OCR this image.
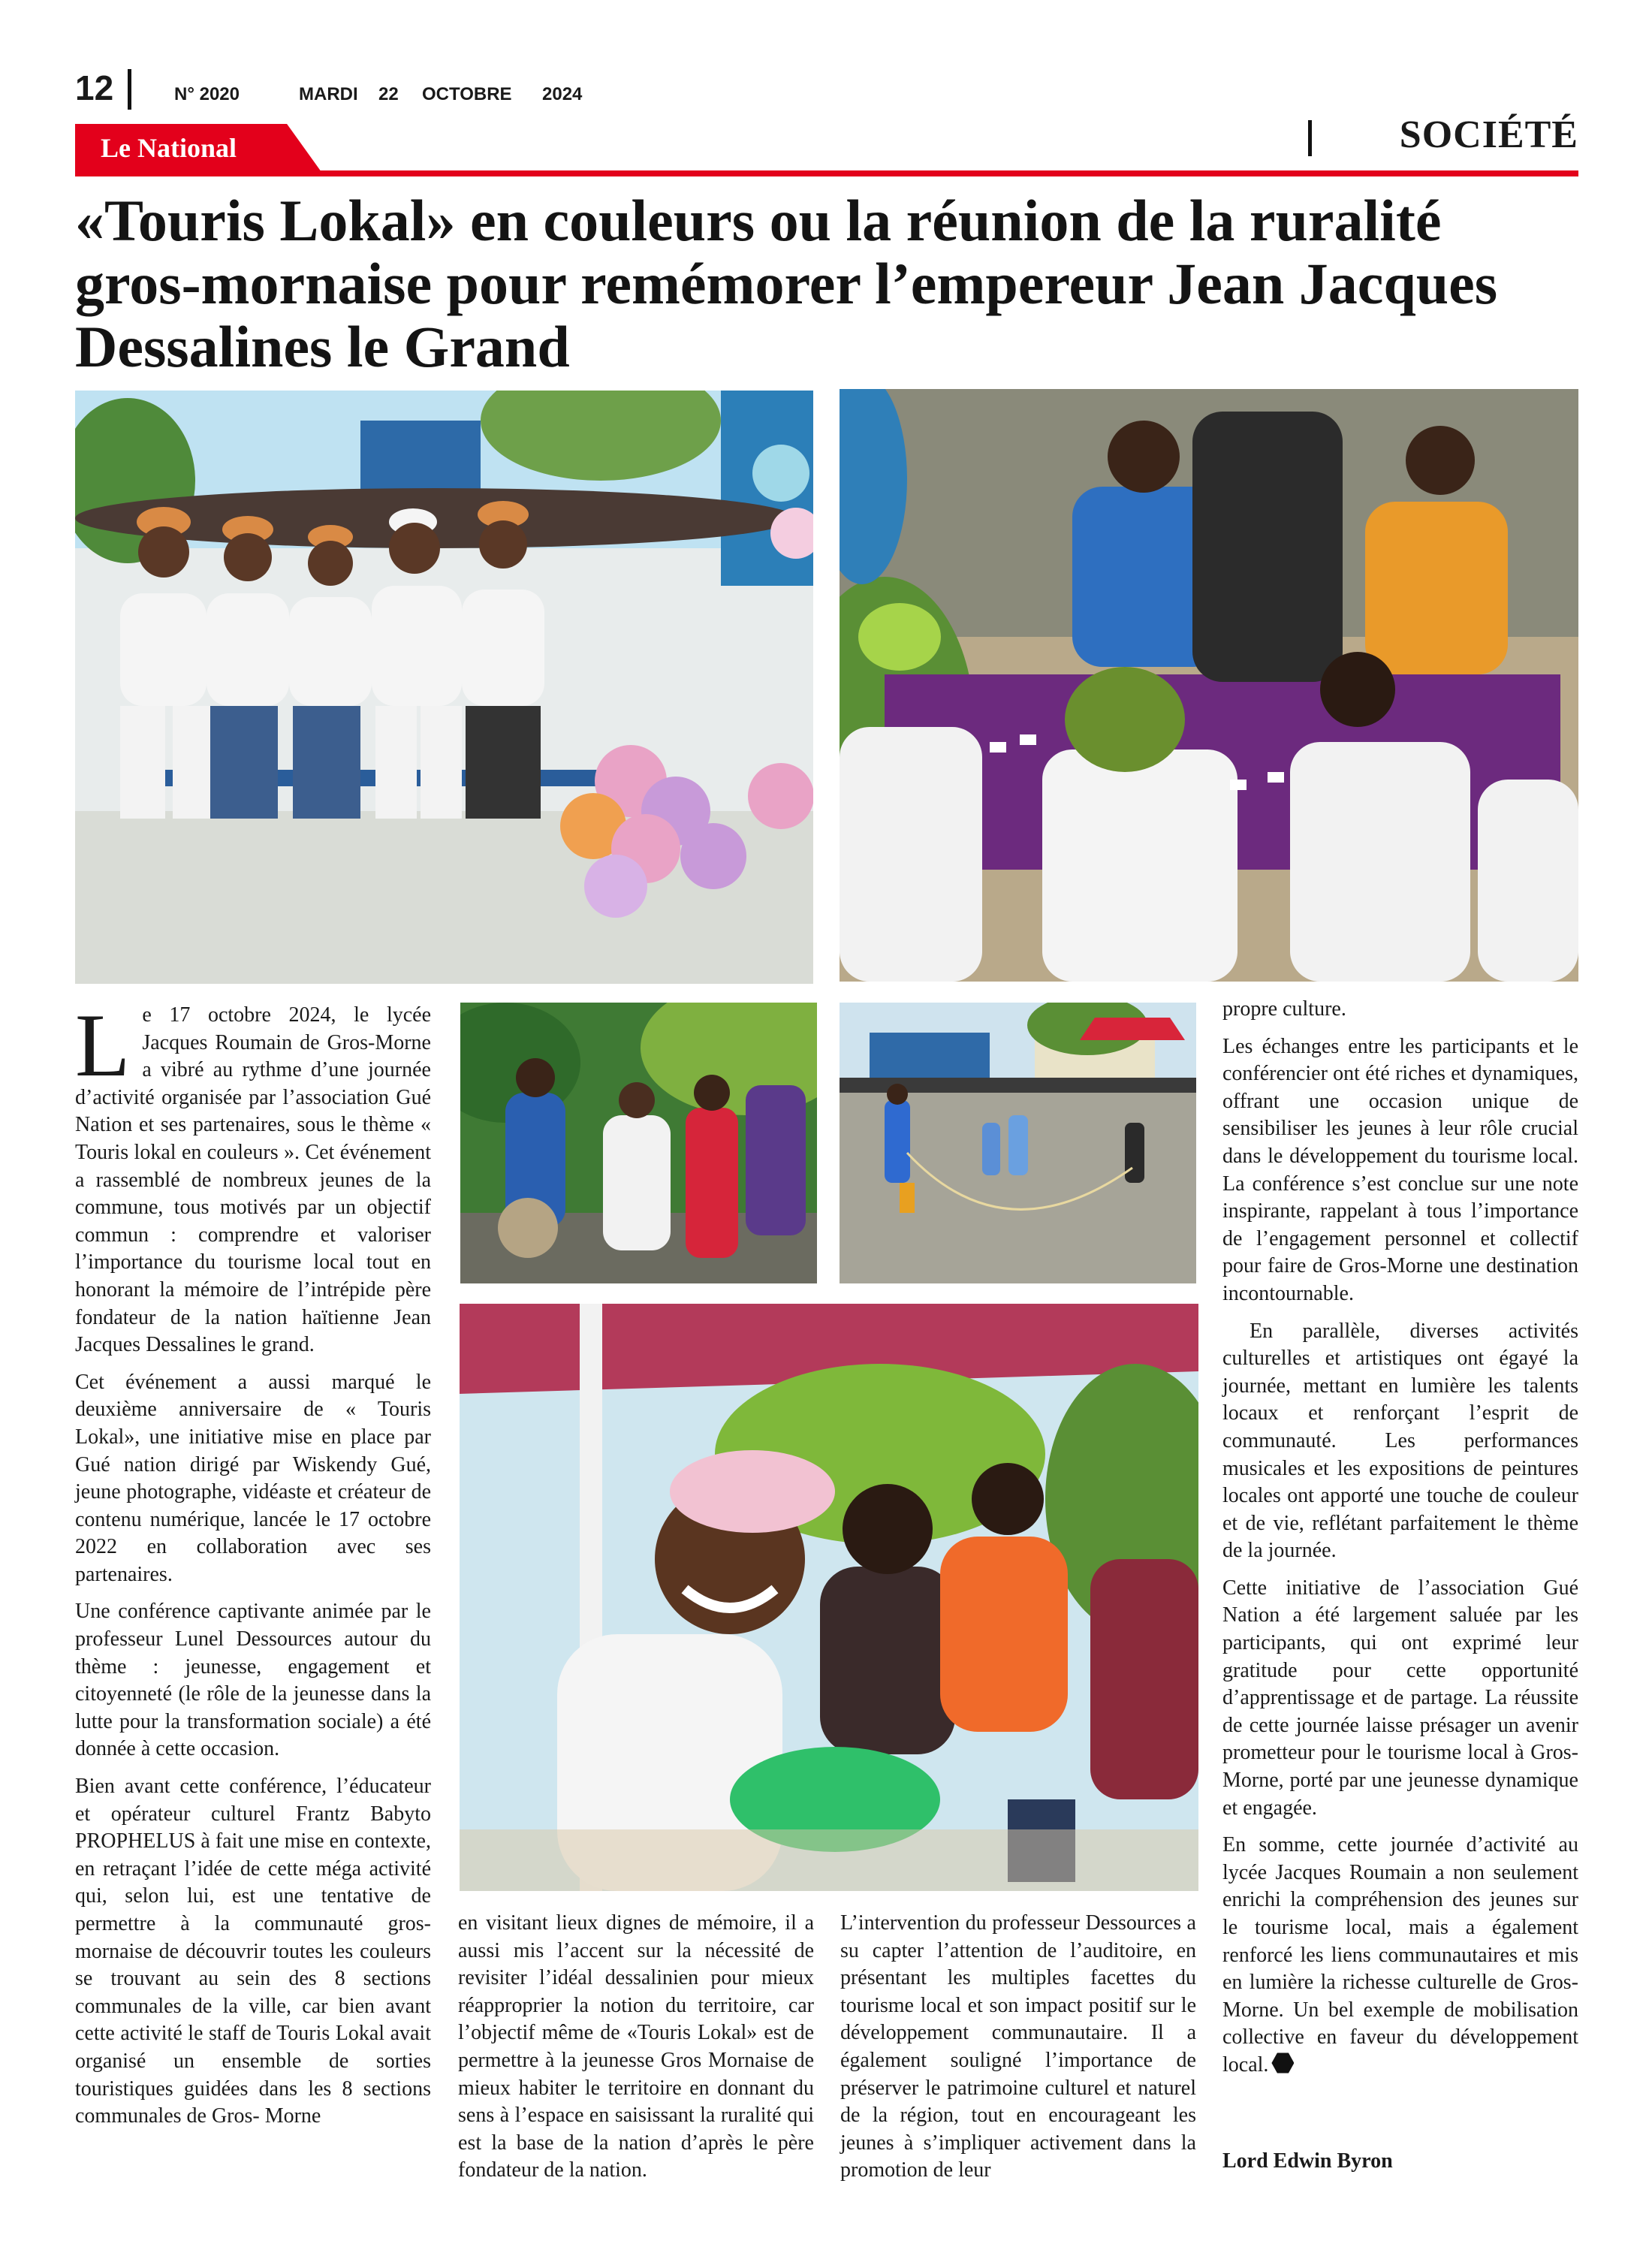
12	N° 2020	MARDI 22 OCTOBRE 2024
Le National	SOCIÉTÉ
«Touris Lokal» en couleurs ou la réunion de la ruralité gros-mornaise pour remémorer l’empereur Jean Jacques Dessalines le Grand

Le 17 octobre 2024, le lycée Jacques Roumain de Gros-Morne a vibré au rythme d’une journée d’activité organisée par l’association Gué Nation et ses partenaires, sous le thème « Touris lokal en couleurs ». Cet événement a rassemblé de nombreux jeunes de la commune, tous motivés par un objectif commun : comprendre et valoriser l’importance du tourisme local tout en honorant la mémoire de l’intrépide père fondateur de la nation haïtienne Jean Jacques Dessalines le grand.

Cet événement a aussi marqué le deuxième anniversaire de « Touris Lokal», une initiative mise en place par Gué nation dirigé par Wiskendy Gué, jeune photographe, vidéaste et créateur de contenu numérique, lancée le 17 octobre 2022 en collaboration avec ses partenaires.

Une conférence captivante animée par le professeur Lunel Dessources autour du thème : jeunesse, engagement et citoyenneté (le rôle de la jeunesse dans la lutte pour la transformation sociale) a été donnée à cette occasion.

Bien avant cette conférence, l’éducateur et opérateur culturel Frantz Babyto PROPHELUS à fait une mise en contexte, en retraçant l’idée de cette méga activité qui, selon lui, est une tentative de permettre à la communauté gros- mornaise de découvrir toutes les couleurs se trouvant au sein des 8 sections communales de la ville, car bien avant cette activité le staff de Touris Lokal avait organisé un ensemble de sorties touristiques guidées dans les 8 sections communales de Gros- Morne

en visitant lieux dignes de mémoire, il a aussi mis l’accent sur la nécessité de revisiter l’idéal dessalinien pour mieux réapproprier la notion du territoire, car l’objectif même de «Touris Lokal» est de permettre à la jeunesse Gros Mornaise de mieux habiter le territoire en donnant du sens à l’espace en saisissant la ruralité qui est la base de la nation d’après le père fondateur de la nation.

L’intervention du professeur Dessources a su capter l’attention de l’auditoire, en présentant les multiples facettes du tourisme local et son impact positif sur le développement communautaire. Il a également souligné l’importance de préserver le patrimoine culturel et naturel de la région, tout en encourageant les jeunes à s’impliquer activement dans la promotion de leur

propre culture.

Les échanges entre les participants et le conférencier ont été riches et dynamiques, offrant une occasion unique de sensibiliser les jeunes à leur rôle crucial dans le développement du tourisme local. La conférence s’est conclue sur une note inspirante, rappelant à tous l’importance de l’engagement personnel et collectif pour faire de Gros-Morne une destination incontournable.

En parallèle, diverses activités culturelles et artistiques ont égayé la journée, mettant en lumière les talents locaux et renforçant l’esprit de communauté. Les performances musicales et les expositions de peintures locales ont apporté une touche de couleur et de vie, reflétant parfaitement le thème de la journée.

Cette initiative de l’association Gué Nation a été largement saluée par les participants, qui ont exprimé leur gratitude pour cette opportunité d’apprentissage et de partage. La réussite de cette journée laisse présager un avenir prometteur pour le tourisme local à Gros-Morne, porté par une jeunesse dynamique et engagée.

En somme, cette journée d’activité au lycée Jacques Roumain a non seulement enrichi la compréhension des jeunes sur le tourisme local, mais a également renforcé les liens communautaires et mis en lumière la richesse culturelle de Gros-Morne. Un bel exemple de mobilisation collective en faveur du développement local.

Lord Edwin Byron
